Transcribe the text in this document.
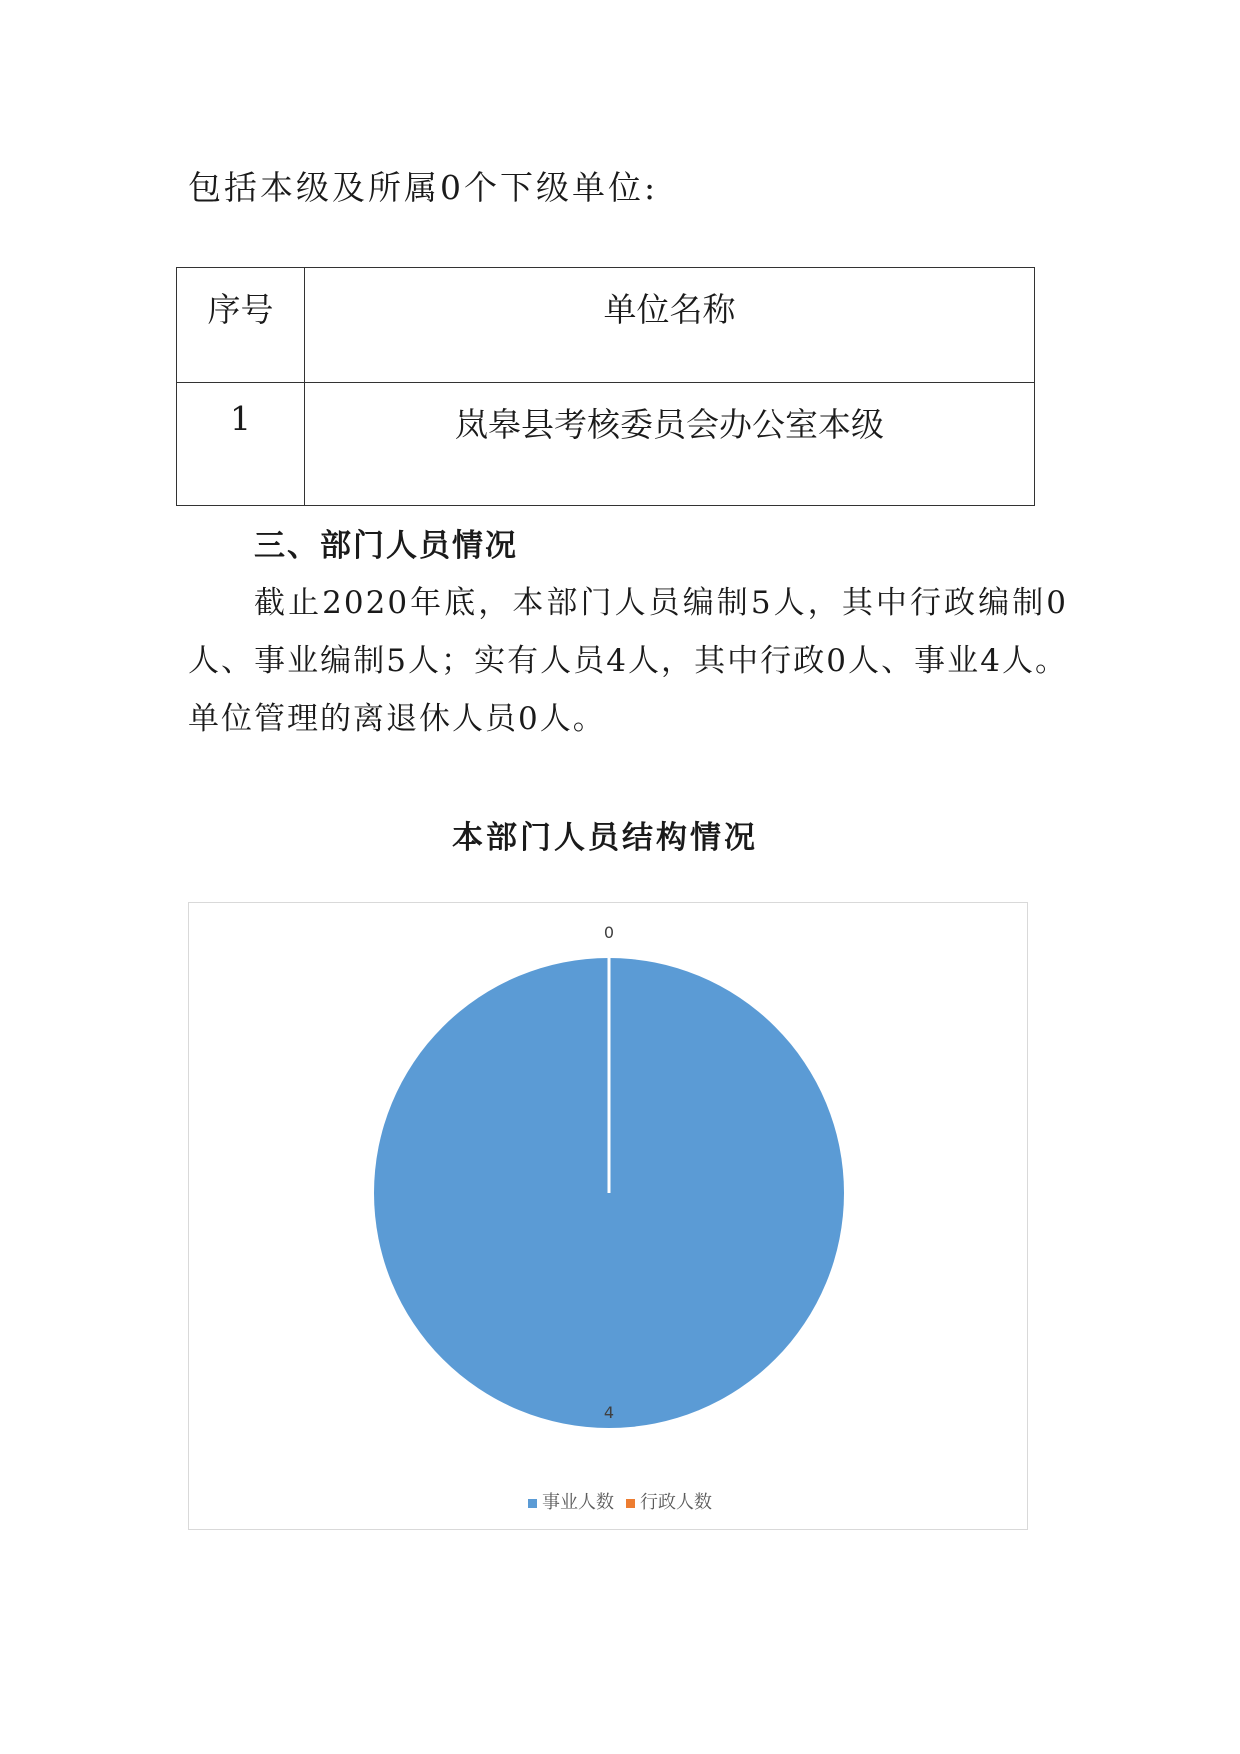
包括本级及所属0个下级单位:
序号	单位名称
1	岚皋县考核委员会办公室本级
三、部门人员情况
截止2020年底，本部门人员编制5人，其中行政编制0人、事业编制5人；实有人员4人，其中行政0人、事业4人。单位管理的离退休人员0人。
本部门人员结构情况
4
0
事业人数 行政人数
